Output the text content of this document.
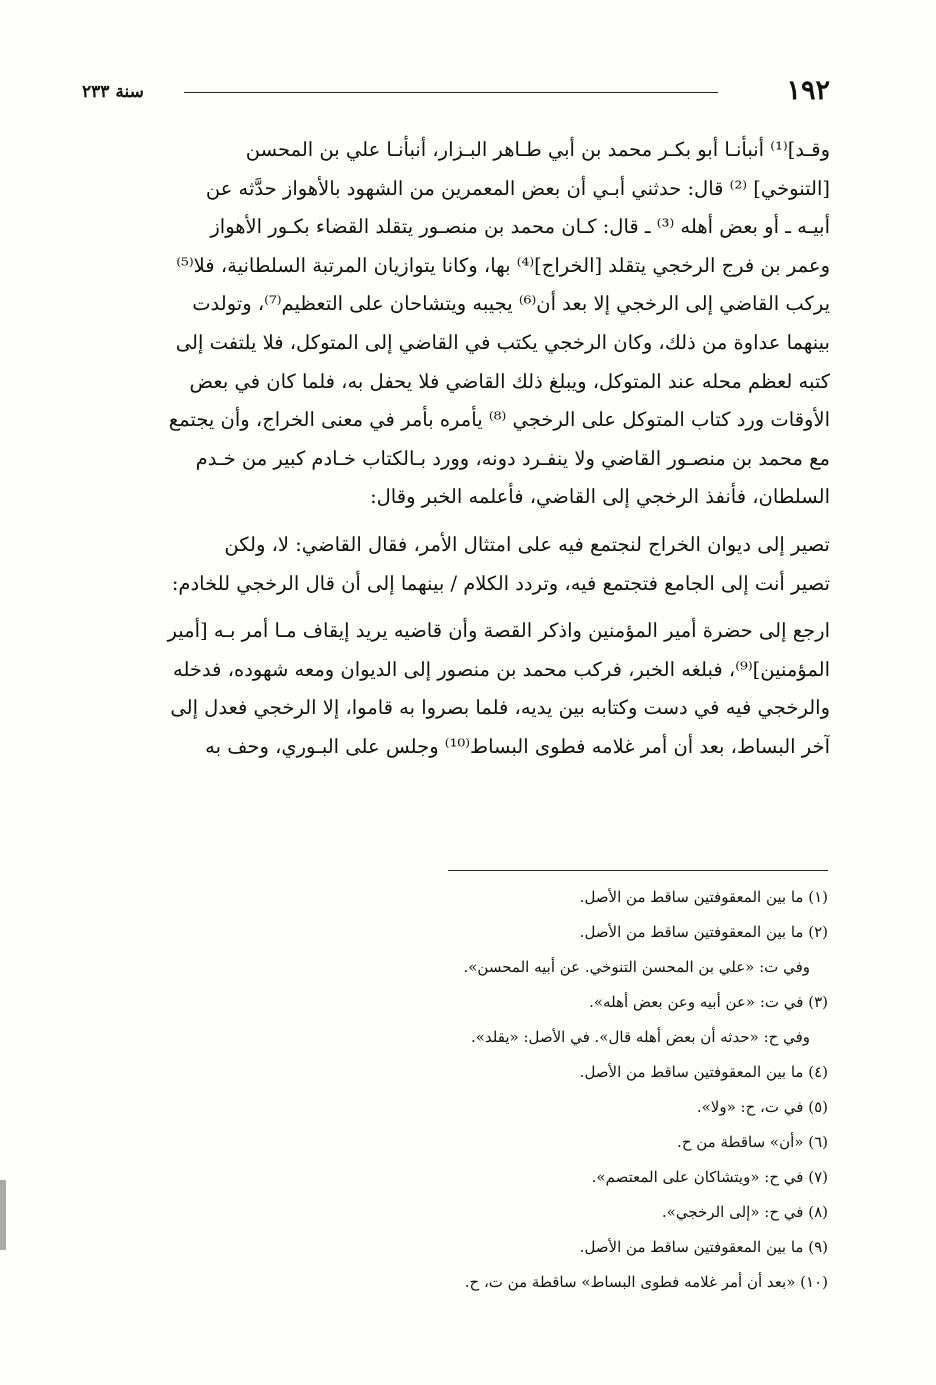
١٩٢
سنة ٢٣٣
وقـد]⁽¹⁾ أنبأنـا أبو بكـر محمد بن أبي طـاهر البـزار، أنبأنـا علي بن المحسن
[التنوخي] ⁽²⁾ قال: حدثني أبـي أن بعض المعمرين من الشهود بالأهواز حدَّثه عن
أبيـه ـ أو بعض أهله ⁽³⁾ ـ قال: كـان محمد بن منصـور يتقلد القضاء بكـور الأهواز
وعمر بن فرج الرخجي يتقلد [الخراج]⁽⁴⁾ بها، وكانا يتوازيان المرتبة السلطانية، فلا⁽⁵⁾
يركب القاضي إلى الرخجي إلا بعد أن⁽⁶⁾ يجيبه ويتشاحان على التعظيم⁽⁷⁾، وتولدت
بينهما عداوة من ذلك، وكان الرخجي يكتب في القاضي إلى المتوكل، فلا يلتفت إلى
كتبه لعظم محله عند المتوكل، ويبلغ ذلك القاضي فلا يحفل به، فلما كان في بعض
الأوقات ورد كتاب المتوكل على الرخجي ⁽⁸⁾ يأمره بأمر في معنى الخراج، وأن يجتمع
مع محمد بن منصـور القاضي ولا ينفـرد دونه، وورد بـالكتاب خـادم كبير من خـدم
السلطان، فأنفذ الرخجي إلى القاضي، فأعلمه الخبر وقال:
تصير إلى ديوان الخراج لنجتمع فيه على امتثال الأمر، فقال القاضي: لا، ولكن
تصير أنت إلى الجامع فتجتمع فيه، وتردد الكلام / بينهما إلى أن قال الرخجي للخادم:
ارجع إلى حضرة أمير المؤمنين واذكر القصة وأن قاضيه يريد إيقاف مـا أمر بـه [أمير
المؤمنين]⁽⁹⁾، فبلغه الخبر، فركب محمد بن منصور إلى الديوان ومعه شهوده، فدخله
والرخجي فيه في دست وكتابه بين يديه، فلما بصروا به قاموا، إلا الرخجي فعدل إلى
آخر البساط، بعد أن أمر غلامه فطوى البساط⁽¹⁰⁾ وجلس على البـوري، وحف به
(١) ما بين المعقوفتين ساقط من الأصل.
(٢) ما بين المعقوفتين ساقط من الأصل.
وفي ت: «علي بن المحسن التنوخي. عن أبيه المحسن».
(٣) في ت: «عن أبيه وعن بعض أهله».
وفي ح: «حدثه أن بعض أهله قال». في الأصل: «يقلد».
(٤) ما بين المعقوفتين ساقط من الأصل.
(٥) في ت، ح: «ولا».
(٦) «أن» ساقطة من ح.
(٧) في ح: «ويتشاكان على المعتصم».
(٨) في ح: «إلى الرخجي».
(٩) ما بين المعقوفتين ساقط من الأصل.
(١٠) «بعد أن أمر غلامه فطوى البساط» ساقطة من ت، ح.
